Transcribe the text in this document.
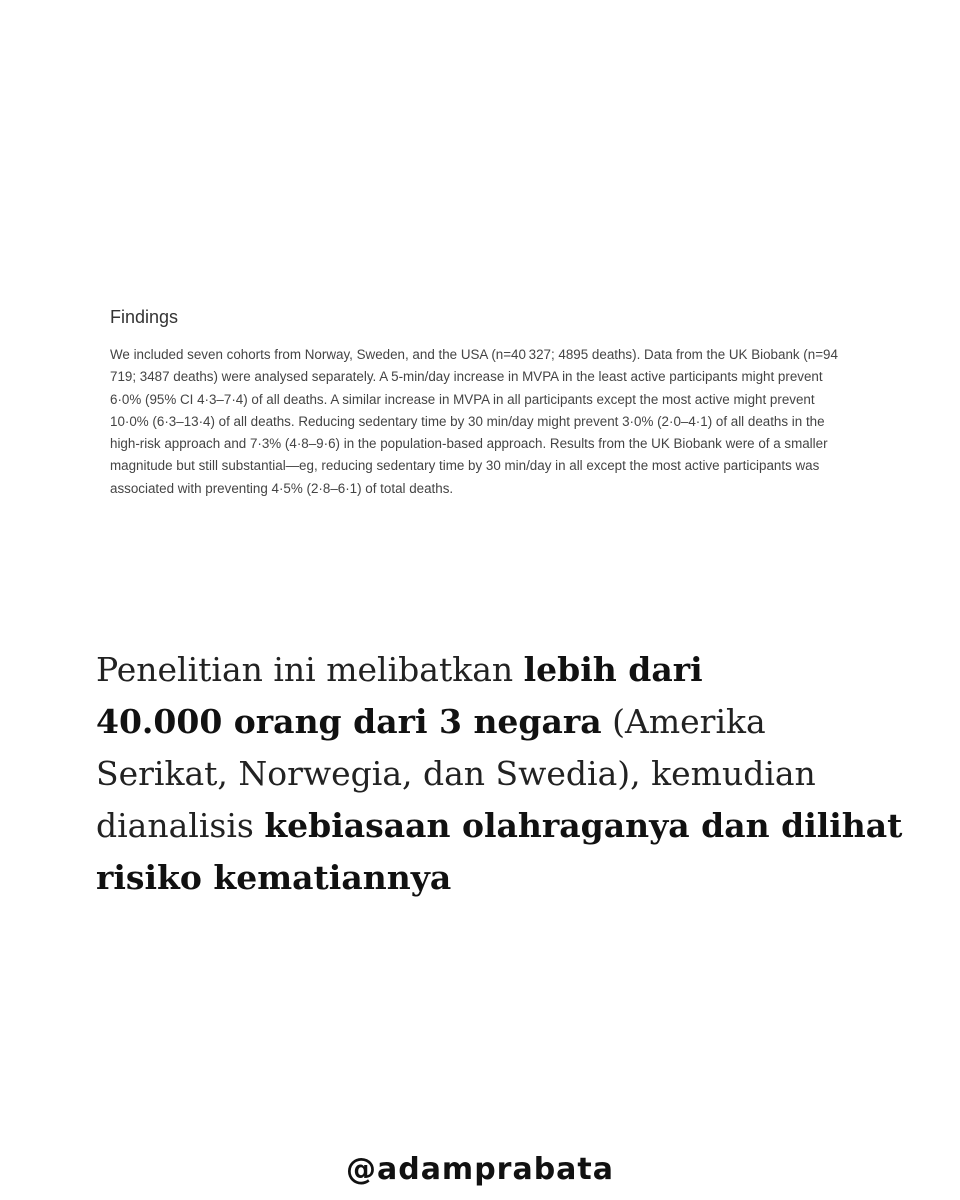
Findings

We included seven cohorts from Norway, Sweden, and the USA (n=40 327; 4895 deaths). Data from the UK Biobank (n=94
719; 3487 deaths) were analysed separately. A 5-min/day increase in MVPA in the least active participants might prevent
6·0% (95% CI 4·3–7·4) of all deaths. A similar increase in MVPA in all participants except the most active might prevent
10·0% (6·3–13·4) of all deaths. Reducing sedentary time by 30 min/day might prevent 3·0% (2·0–4·1) of all deaths in the
high-risk approach and 7·3% (4·8–9·6) in the population-based approach. Results from the UK Biobank were of a smaller
magnitude but still substantial—eg, reducing sedentary time by 30 min/day in all except the most active participants was
associated with preventing 4·5% (2·8–6·1) of total deaths.

Penelitian ini melibatkan lebih dari
40.000 orang dari 3 negara (Amerika
Serikat, Norwegia, dan Swedia), kemudian
dianalisis kebiasaan olahraganya dan dilihat
risiko kematiannya

@adamprabata
